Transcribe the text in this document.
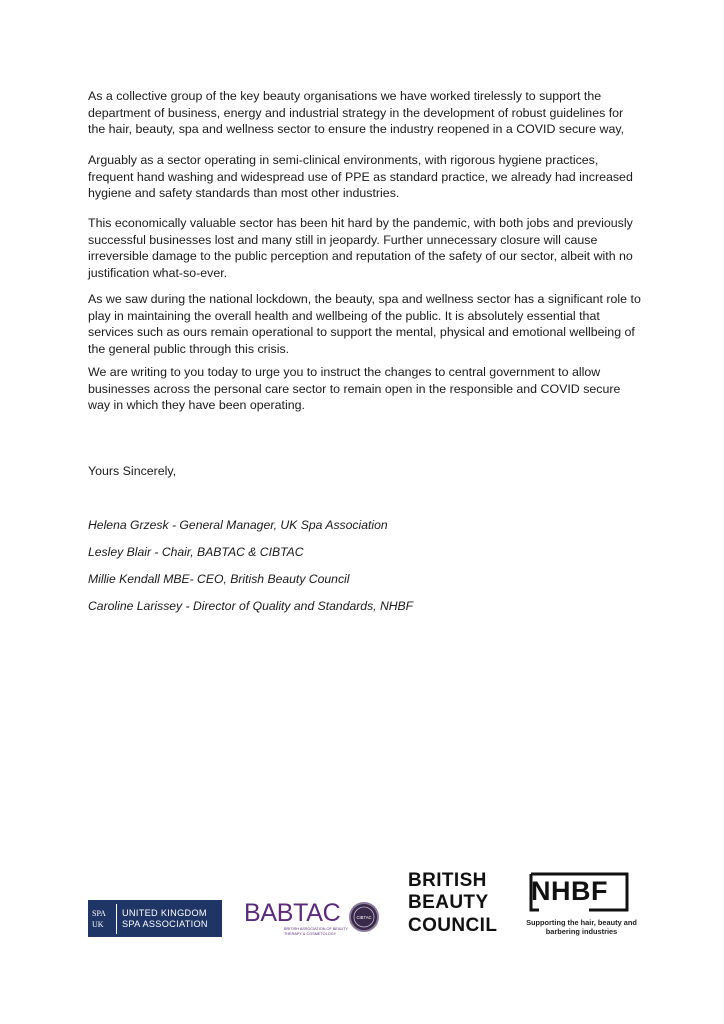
As a collective group of the key beauty organisations we have worked tirelessly to support the department of business, energy and industrial strategy in the development of robust guidelines for the hair, beauty, spa and wellness sector to ensure the industry reopened in a COVID secure way,

Arguably as a sector operating in semi-clinical environments, with rigorous hygiene practices, frequent hand washing and widespread use of PPE as standard practice, we already had increased hygiene and safety standards than most other industries.

This economically valuable sector has been hit hard by the pandemic, with both jobs and previously successful businesses lost and many still in jeopardy. Further unnecessary closure will cause irreversible damage to the public perception and reputation of the safety of our sector, albeit with no justification what-so-ever.

As we saw during the national lockdown, the beauty, spa and wellness sector has a significant role to play in maintaining the overall health and wellbeing of the public. It is absolutely essential that services such as ours remain operational to support the mental, physical and emotional wellbeing of the general public through this crisis.

We are writing to you today to urge you to instruct the changes to central government to allow businesses across the personal care sector to remain open in the responsible and COVID secure way in which they have been operating.

Yours Sincerely,

Helena Grzesk - General Manager, UK Spa Association

Lesley Blair - Chair, BABTAC & CIBTAC

Millie Kendall MBE- CEO, British Beauty Council

Caroline Larissey - Director of Quality and Standards, NHBF

SPA
UK
UNITED KINGDOM
SPA ASSOCIATION BABTAC
BRITISH ASSOCIATION OF BEAUTY THERAPY & COSMETOLOGY
CIBTAC
BRITISH
BEAUTY
COUNCIL
NHBF
Supporting the hair, beauty and barbering industries
